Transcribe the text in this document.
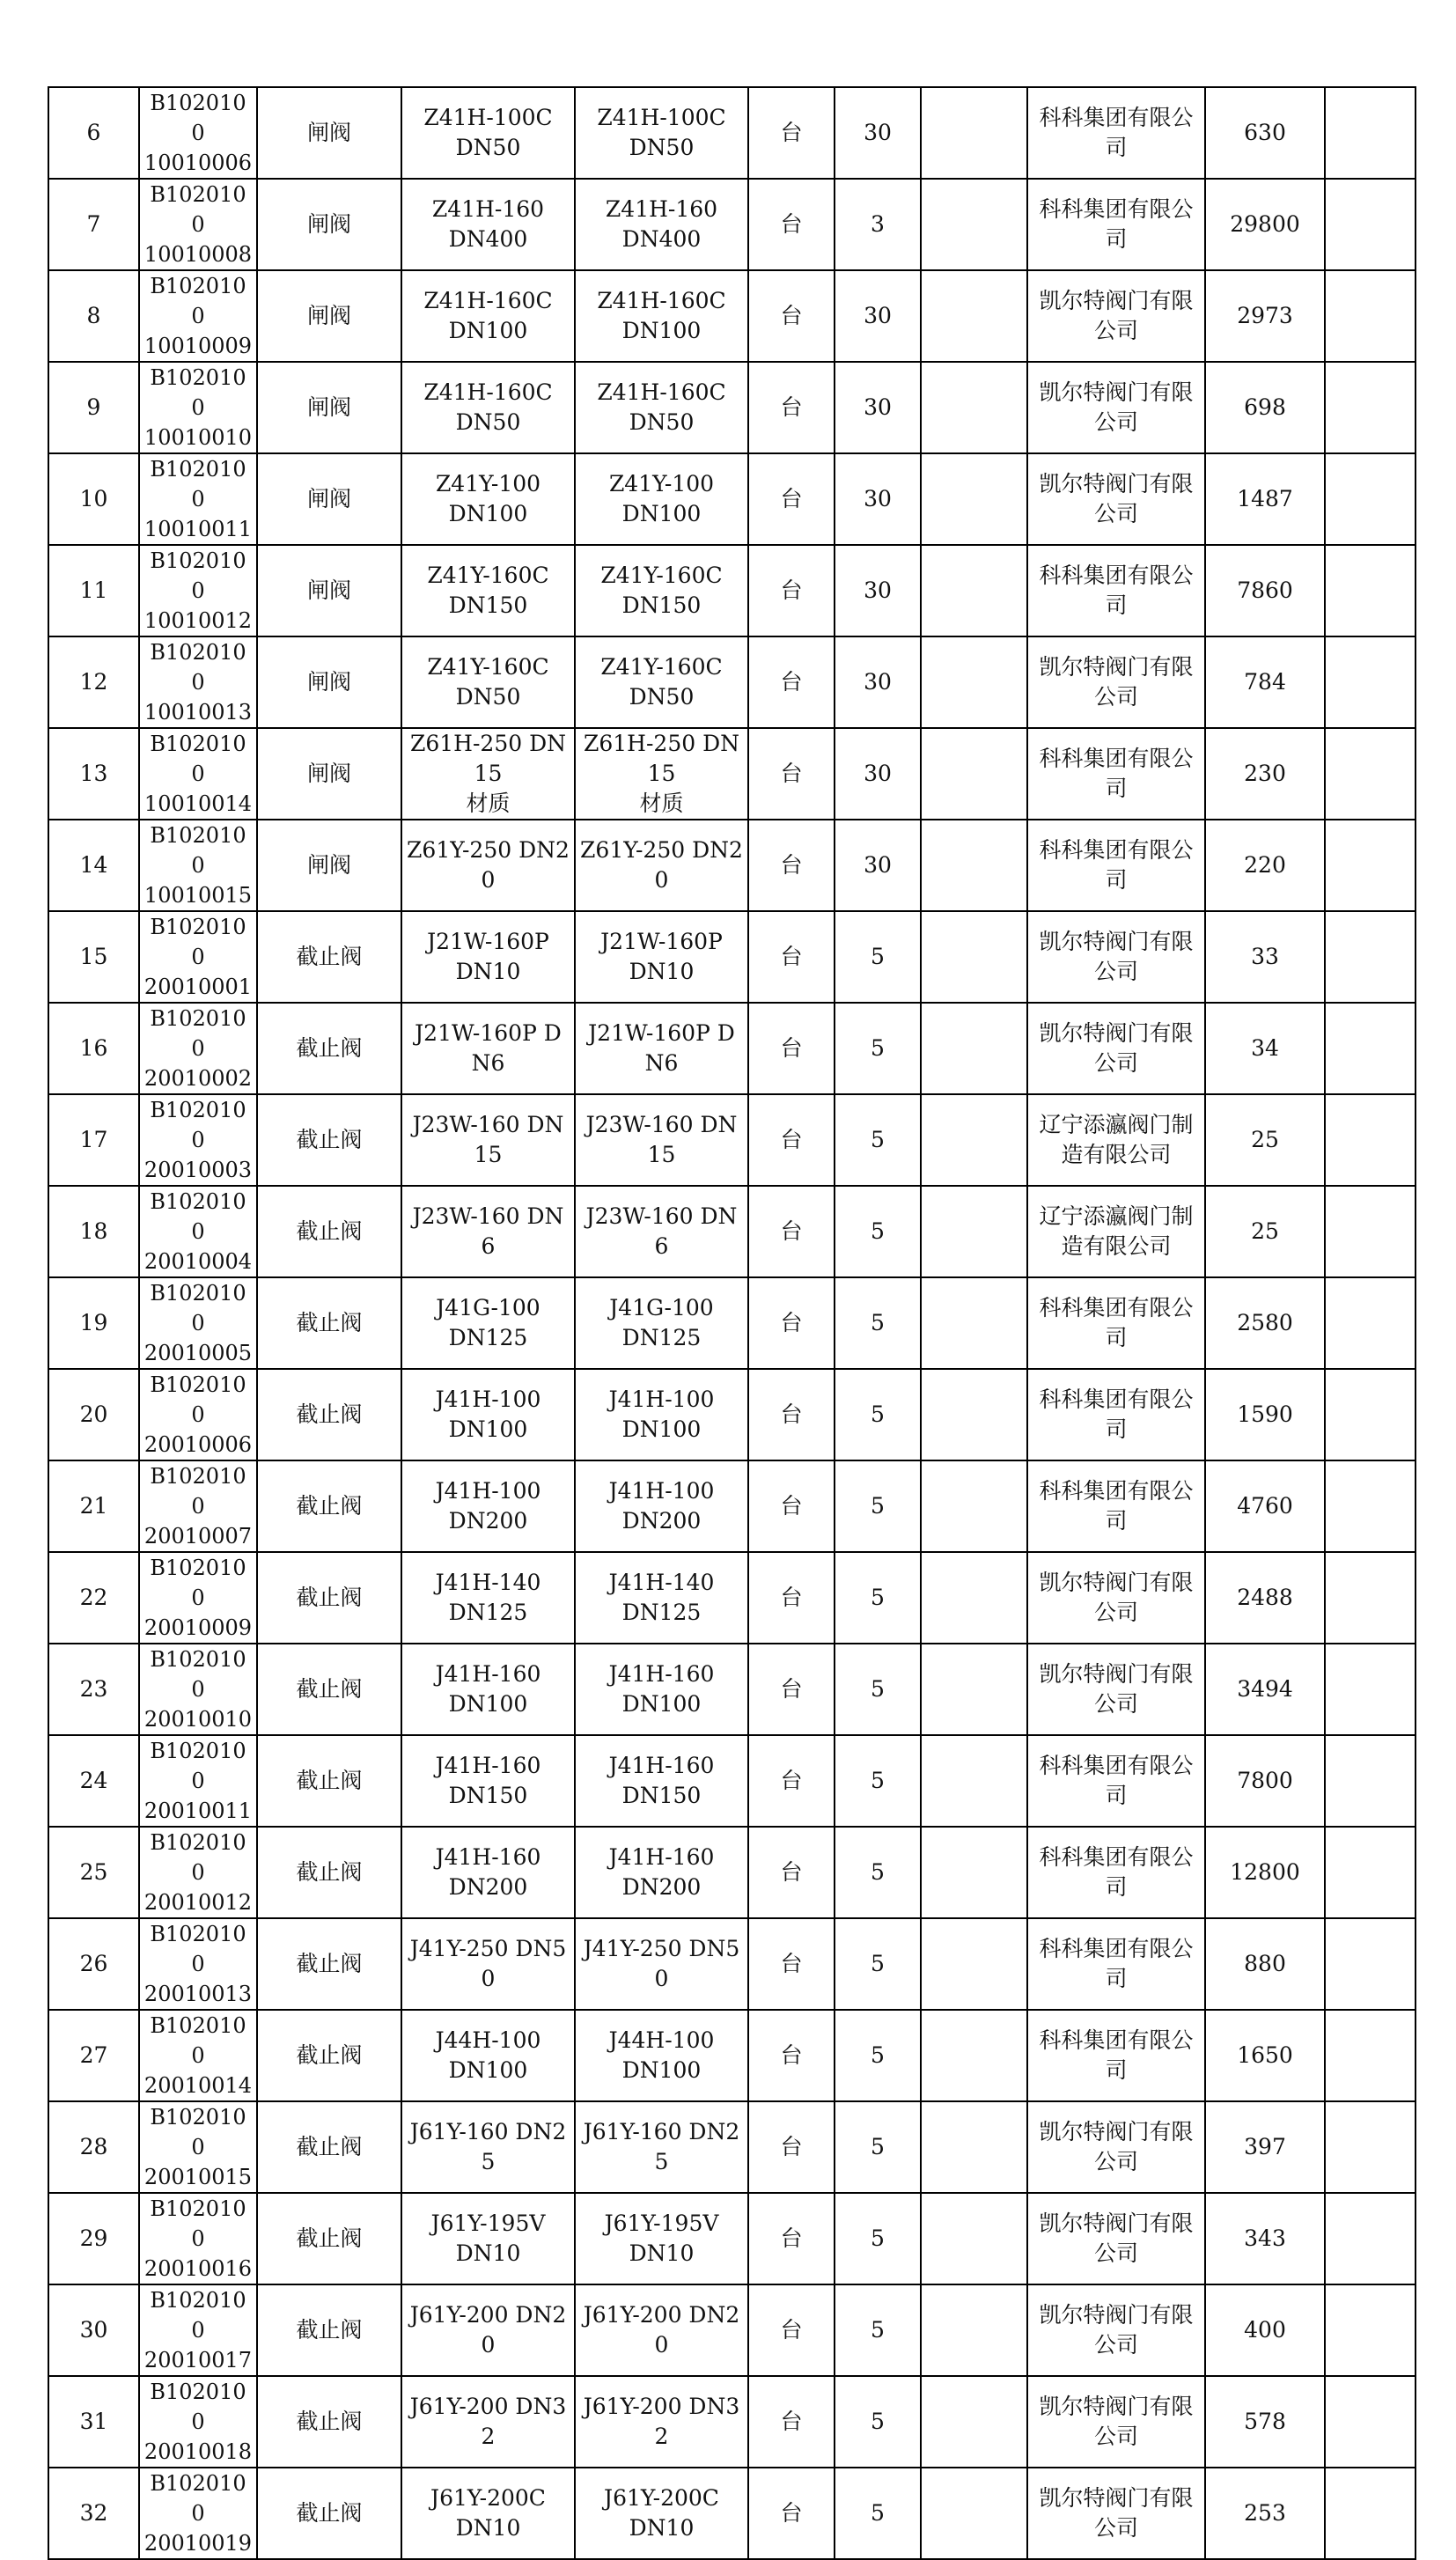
6	B1020100
10010006	闸阀	Z41H-100C
DN50	Z41H-100C
DN50	台	30		科科集团有限公
司	630	
7	B1020100
10010008	闸阀	Z41H-160
DN400	Z41H-160
DN400	台	3		科科集团有限公
司	29800	
8	B1020100
10010009	闸阀	Z41H-160C
DN100	Z41H-160C
DN100	台	30		凯尔特阀门有限
公司	2973	
9	B1020100
10010010	闸阀	Z41H-160C
DN50	Z41H-160C
DN50	台	30		凯尔特阀门有限
公司	698	
10	B1020100
10010011	闸阀	Z41Y-100
DN100	Z41Y-100
DN100	台	30		凯尔特阀门有限
公司	1487	
11	B1020100
10010012	闸阀	Z41Y-160C
DN150	Z41Y-160C
DN150	台	30		科科集团有限公
司	7860	
12	B1020100
10010013	闸阀	Z41Y-160C
DN50	Z41Y-160C
DN50	台	30		凯尔特阀门有限
公司	784	
13	B1020100
10010014	闸阀	Z61H-250 DN15
材质	Z61H-250 DN15
材质	台	30		科科集团有限公
司	230	
14	B1020100
10010015	闸阀	Z61Y-250 DN20	Z61Y-250 DN20	台	30		科科集团有限公
司	220	
15	B1020100
20010001	截止阀	J21W-160P
DN10	J21W-160P
DN10	台	5		凯尔特阀门有限
公司	33	
16	B1020100
20010002	截止阀	J21W-160P DN6	J21W-160P DN6	台	5		凯尔特阀门有限
公司	34	
17	B1020100
20010003	截止阀	J23W-160 DN15	J23W-160 DN15	台	5		辽宁添瀛阀门制
造有限公司	25	
18	B1020100
20010004	截止阀	J23W-160 DN6	J23W-160 DN6	台	5		辽宁添瀛阀门制
造有限公司	25	
19	B1020100
20010005	截止阀	J41G-100
DN125	J41G-100
DN125	台	5		科科集团有限公
司	2580	
20	B1020100
20010006	截止阀	J41H-100
DN100	J41H-100
DN100	台	5		科科集团有限公
司	1590	
21	B1020100
20010007	截止阀	J41H-100
DN200	J41H-100
DN200	台	5		科科集团有限公
司	4760	
22	B1020100
20010009	截止阀	J41H-140
DN125	J41H-140
DN125	台	5		凯尔特阀门有限
公司	2488	
23	B1020100
20010010	截止阀	J41H-160
DN100	J41H-160
DN100	台	5		凯尔特阀门有限
公司	3494	
24	B1020100
20010011	截止阀	J41H-160
DN150	J41H-160
DN150	台	5		科科集团有限公
司	7800	
25	B1020100
20010012	截止阀	J41H-160
DN200	J41H-160
DN200	台	5		科科集团有限公
司	12800	
26	B1020100
20010013	截止阀	J41Y-250 DN50	J41Y-250 DN50	台	5		科科集团有限公
司	880	
27	B1020100
20010014	截止阀	J44H-100
DN100	J44H-100
DN100	台	5		科科集团有限公
司	1650	
28	B1020100
20010015	截止阀	J61Y-160 DN25	J61Y-160 DN25	台	5		凯尔特阀门有限
公司	397	
29	B1020100
20010016	截止阀	J61Y-195V
DN10	J61Y-195V
DN10	台	5		凯尔特阀门有限
公司	343	
30	B1020100
20010017	截止阀	J61Y-200 DN20	J61Y-200 DN20	台	5		凯尔特阀门有限
公司	400	
31	B1020100
20010018	截止阀	J61Y-200 DN32	J61Y-200 DN32	台	5		凯尔特阀门有限
公司	578	
32	B1020100
20010019	截止阀	J61Y-200C
DN10	J61Y-200C
DN10	台	5		凯尔特阀门有限
公司	253	
